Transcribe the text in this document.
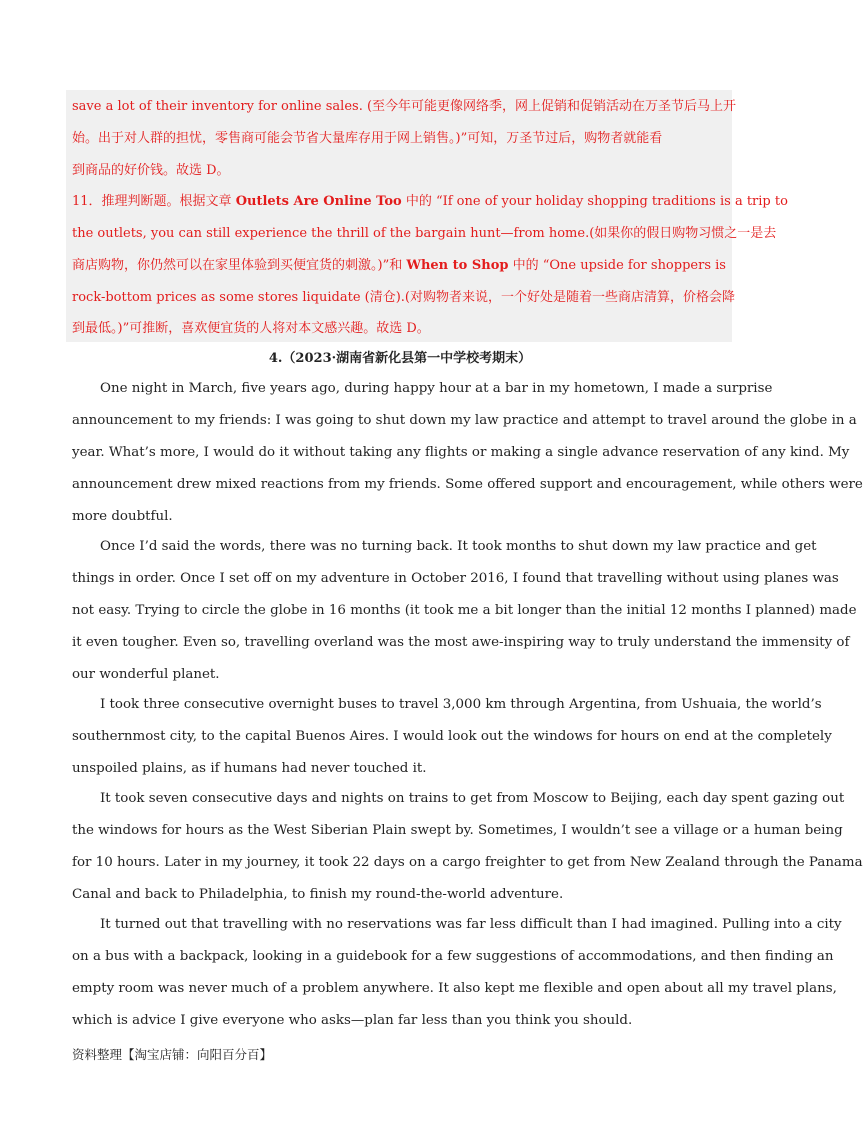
save a lot of their inventory for online sales. (至今年可能更像网络季，网上促销和促销活动在万圣节后马上开
始。出于对人群的担忧，零售商可能会节省大量库存用于网上销售。)”可知，万圣节过后，购物者就能看
到商品的好价钱。故选 D。
11．推理判断题。根据文章 Outlets Are Online Too 中的 “If one of your holiday shopping traditions is a trip to
the outlets, you can still experience the thrill of the bargain hunt—from home.(如果你的假日购物习惯之一是去
商店购物，你仍然可以在家里体验到买便宜货的刺激。)”和 When to Shop 中的 “One upside for shoppers is
rock-bottom prices as some stores liquidate (清仓).(对购物者来说，一个好处是随着一些商店清算，价格会降
到最低。)”可推断，喜欢便宜货的人将对本文感兴趣。故选 D。
4.（2023·湖南省新化县第一中学校考期末）
One night in March, five years ago, during happy hour at a bar in my hometown, I made a surprise
announcement to my friends: I was going to shut down my law practice and attempt to travel around the globe in a
year. What’s more, I would do it without taking any flights or making a single advance reservation of any kind. My
announcement drew mixed reactions from my friends. Some offered support and encouragement, while others were
more doubtful.
Once I’d said the words, there was no turning back. It took months to shut down my law practice and get
things in order. Once I set off on my adventure in October 2016, I found that travelling without using planes was
not easy. Trying to circle the globe in 16 months (it took me a bit longer than the initial 12 months I planned) made
it even tougher. Even so, travelling overland was the most awe-inspiring way to truly understand the immensity of
our wonderful planet.
I took three consecutive overnight buses to travel 3,000 km through Argentina, from Ushuaia, the world’s
southernmost city, to the capital Buenos Aires. I would look out the windows for hours on end at the completely
unspoiled plains, as if humans had never touched it.
It took seven consecutive days and nights on trains to get from Moscow to Beijing, each day spent gazing out
the windows for hours as the West Siberian Plain swept by. Sometimes, I wouldn’t see a village or a human being
for 10 hours. Later in my journey, it took 22 days on a cargo freighter to get from New Zealand through the Panama
Canal and back to Philadelphia, to finish my round-the-world adventure.
It turned out that travelling with no reservations was far less difficult than I had imagined. Pulling into a city
on a bus with a backpack, looking in a guidebook for a few suggestions of accommodations, and then finding an
empty room was never much of a problem anywhere. It also kept me flexible and open about all my travel plans,
which is advice I give everyone who asks—plan far less than you think you should.
资料整理【淘宝店铺：向阳百分百】
